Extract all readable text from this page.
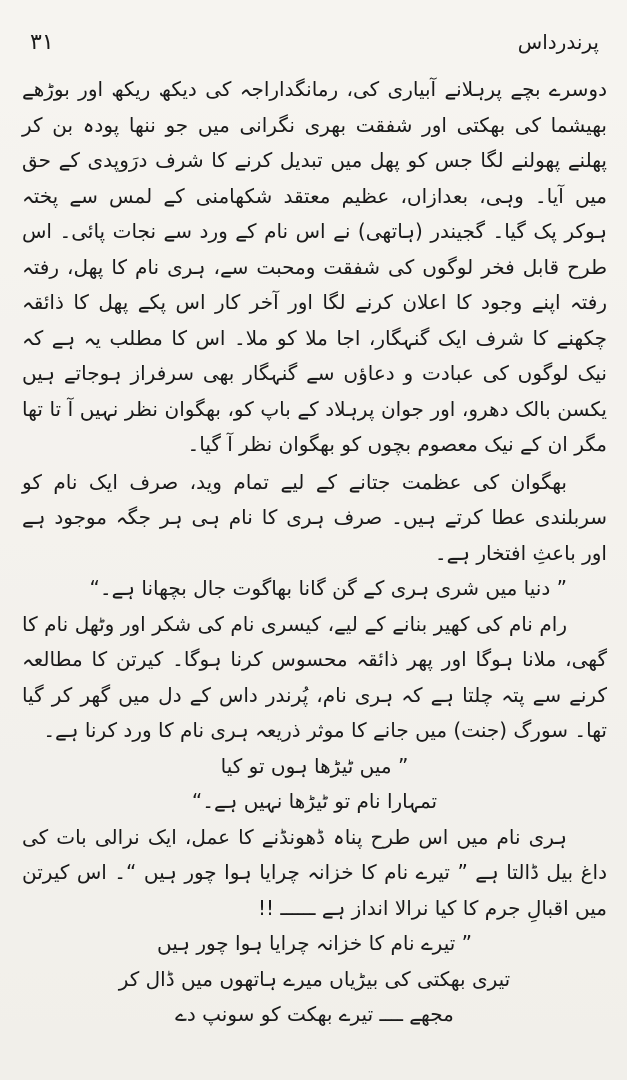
۳۱	پرندرداس

دوسرے بچے پرہلانے آبیاری کی، رمانگداراجہ کی دیکھ ریکھ اور بوڑھے بھیشما کی بھکتی اور شفقت بھری نگرانی میں جو ننھا پودہ بن کر پھلنے پھولنے لگا جس کو پھل میں تبدیل کرنے کا شرف درَوپدی کے حق میں آیا۔ وہی، بعدازاں، عظیم معتقد شکھامنی کے لمس سے پختہ ہوکر پک گیا۔ گجیندر (ہاتھی) نے اس نام کے ورد سے نجات پائی۔ اس طرح قابل فخر لوگوں کی شفقت ومحبت سے، ہری نام کا پھل، رفتہ رفتہ اپنے وجود کا اعلان کرنے لگا اور آخر کار اس پکے پھل کا ذائقہ چکھنے کا شرف ایک گنہگار، اجا ملا کو ملا۔ اس کا مطلب یہ ہے کہ نیک لوگوں کی عبادت و دعاؤں سے گنہگار بھی سرفراز ہوجاتے ہیں یکسن بالک دھرو، اور جوان پرہلاد کے باپ کو، بھگوان نظر نہیں آ تا تھا مگر ان کے نیک معصوم بچوں کو بھگوان نظر آ گیا۔

بھگوان کی عظمت جتانے کے لیے تمام وید، صرف ایک نام کو سربلندی عطا کرتے ہیں۔ صرف ہری کا نام ہی ہر جگہ موجود ہے اور باعثِ افتخار ہے۔

” دنیا میں شری ہری کے گن گانا بھاگوت جال بچھانا ہے۔“

رام نام کی کھیر بنانے کے لیے، کیسری نام کی شکر اور وٹھل نام کا گھی، ملانا ہوگا اور پھر ذائقہ محسوس کرنا ہوگا۔ کیرتن کا مطالعہ کرنے سے پتہ چلتا ہے کہ ہری نام، پُرندر داس کے دل میں گھر کر گیا تھا۔ سورگ (جنت) میں جانے کا موثر ذریعہ ہری نام کا ورد کرنا ہے۔

” میں ٹیڑھا ہوں تو کیا

تمہارا نام تو ٹیڑھا نہیں ہے۔“

ہری نام میں اس طرح پناہ ڈھونڈنے کا عمل، ایک نرالی بات کی داغ بیل ڈالتا ہے ” تیرے نام کا خزانہ چرایا ہوا چور ہیں “۔ اس کیرتن میں اقبالِ جرم کا کیا نرالا انداز ہے ــــــ !!

” تیرے نام کا خزانہ چرایا ہوا چور ہیں

تیری بھکتی کی بیڑیاں میرے ہاتھوں میں ڈال کر

مجھے ــــ تیرے بھکت کو سونپ دے
